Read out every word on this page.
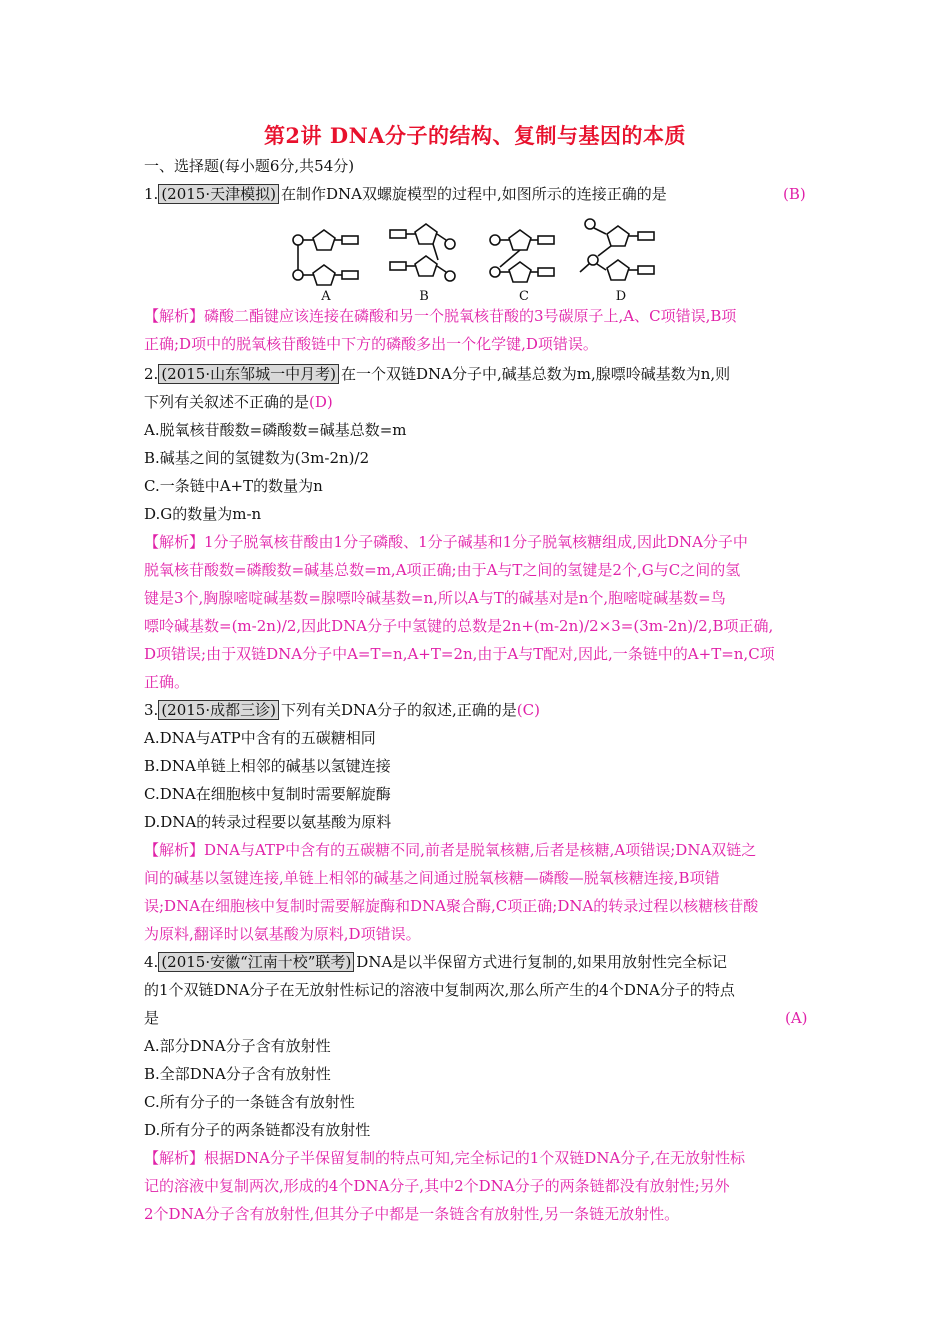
第2讲 DNA分子的结构、复制与基因的本质
一、选择题(每小题6分,共54分)
1. (2015·天津模拟) 在制作DNA双螺旋模型的过程中,如图所示的连接正确的是	(B)
A	B	C	D
【解析】磷酸二酯键应该连接在磷酸和另一个脱氧核苷酸的3号碳原子上,A、C项错误,B项
正确;D项中的脱氧核苷酸链中下方的磷酸多出一个化学键,D项错误。
2. (2015·山东邹城一中月考) 在一个双链DNA分子中,碱基总数为m,腺嘌呤碱基数为n,则
下列有关叙述不正确的是(D)
A.脱氧核苷酸数=磷酸数=碱基总数=m
B.碱基之间的氢键数为(3m-2n)/2
C.一条链中A+T的数量为n
D.G的数量为m-n
【解析】1分子脱氧核苷酸由1分子磷酸、1分子碱基和1分子脱氧核糖组成,因此DNA分子中
脱氧核苷酸数=磷酸数=碱基总数=m,A项正确;由于A与T之间的氢键是2个,G与C之间的氢
键是3个,胸腺嘧啶碱基数=腺嘌呤碱基数=n,所以A与T的碱基对是n个,胞嘧啶碱基数=鸟
嘌呤碱基数=(m-2n)/2,因此DNA分子中氢键的总数是2n+(m-2n)/2×3=(3m-2n)/2,B项正确,
D项错误;由于双链DNA分子中A=T=n,A+T=2n,由于A与T配对,因此,一条链中的A+T=n,C项
正确。
3. (2015·成都三诊) 下列有关DNA分子的叙述,正确的是(C)
A.DNA与ATP中含有的五碳糖相同
B.DNA单链上相邻的碱基以氢键连接
C.DNA在细胞核中复制时需要解旋酶
D.DNA的转录过程要以氨基酸为原料
【解析】DNA与ATP中含有的五碳糖不同,前者是脱氧核糖,后者是核糖,A项错误;DNA双链之
间的碱基以氢键连接,单链上相邻的碱基之间通过脱氧核糖—磷酸—脱氧核糖连接,B项错
误;DNA在细胞核中复制时需要解旋酶和DNA聚合酶,C项正确;DNA的转录过程以核糖核苷酸
为原料,翻译时以氨基酸为原料,D项错误。
4. (2015·安徽“江南十校”联考) DNA是以半保留方式进行复制的,如果用放射性完全标记
的1个双链DNA分子在无放射性标记的溶液中复制两次,那么所产生的4个DNA分子的特点
是	(A)
A.部分DNA分子含有放射性
B.全部DNA分子含有放射性
C.所有分子的一条链含有放射性
D.所有分子的两条链都没有放射性
【解析】根据DNA分子半保留复制的特点可知,完全标记的1个双链DNA分子,在无放射性标
记的溶液中复制两次,形成的4个DNA分子,其中2个DNA分子的两条链都没有放射性;另外
2个DNA分子含有放射性,但其分子中都是一条链含有放射性,另一条链无放射性。
